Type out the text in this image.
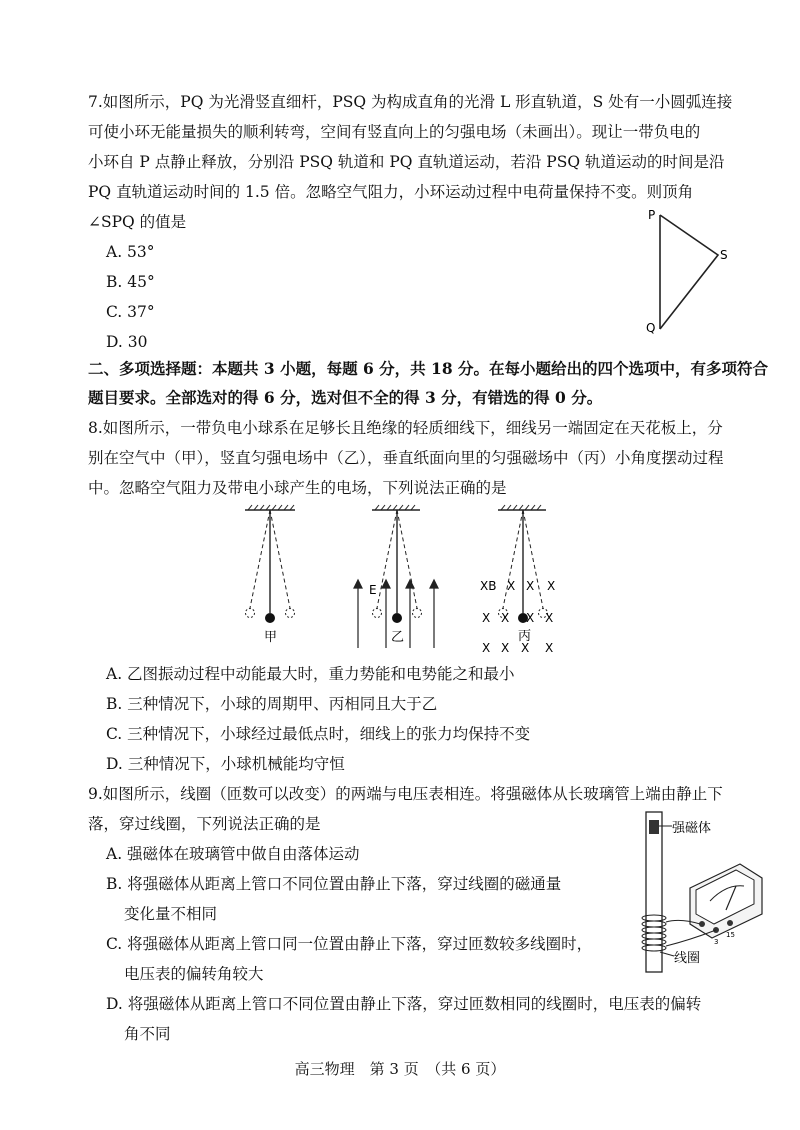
7.如图所示，PQ 为光滑竖直细杆，PSQ 为构成直角的光滑 L 形直轨道，S 处有一小圆弧连接
可使小环无能量损失的顺利转弯，空间有竖直向上的匀强电场（未画出）。现让一带负电的
小环自 P 点静止释放，分别沿 PSQ 轨道和 PQ 直轨道运动，若沿 PSQ 轨道运动的时间是沿
PQ 直轨道运动时间的 1.5 倍。忽略空气阻力，小环运动过程中电荷量保持不变。则顶角
∠SPQ 的值是
A. 53°
B. 45°
C. 37°
D. 30
P
S
Q
二、多项选择题：本题共 3 小题，每题 6 分，共 18 分。在每小题给出的四个选项中，有多项符合
题目要求。全部选对的得 6 分，选对但不全的得 3 分，有错选的得 0 分。
8.如图所示，一带负电小球系在足够长且绝缘的轻质细线下，细线另一端固定在天花板上，分
别在空气中（甲），竖直匀强电场中（乙），垂直纸面向里的匀强磁场中（丙）小角度摆动过程
中。忽略空气阻力及带电小球产生的电场，下列说法正确的是
甲
E
乙
XB X X X
X X X X
X X X X
丙
A. 乙图振动过程中动能最大时，重力势能和电势能之和最小
B. 三种情况下，小球的周期甲、丙相同且大于乙
C. 三种情况下，小球经过最低点时，细线上的张力均保持不变
D. 三种情况下，小球机械能均守恒
9.如图所示，线圈（匝数可以改变）的两端与电压表相连。将强磁体从长玻璃管上端由静止下
落，穿过线圈，下列说法正确的是
A. 强磁体在玻璃管中做自由落体运动
B. 将强磁体从距离上管口不同位置由静止下落，穿过线圈的磁通量
变化量不相同
C. 将强磁体从距离上管口同一位置由静止下落，穿过匝数较多线圈时，
电压表的偏转角较大
D. 将强磁体从距离上管口不同位置由静止下落，穿过匝数相同的线圈时，电压表的偏转
角不同
强磁体
线圈
-
3
15
高三物理　第 3 页　（共 6 页）
